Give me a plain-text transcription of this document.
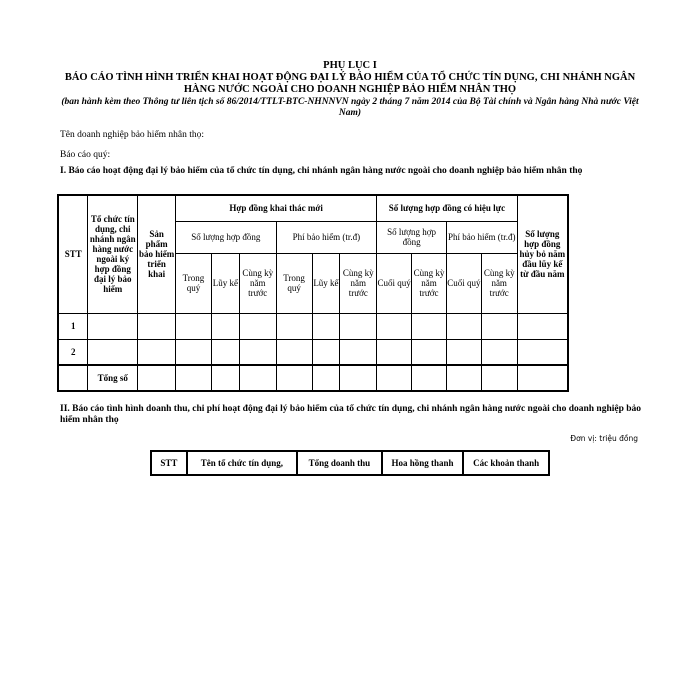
PHỤ LỤC I
BÁO CÁO TÌNH HÌNH TRIỂN KHAI HOẠT ĐỘNG ĐẠI LÝ BẢO HIỂM CỦA TỔ CHỨC TÍN DỤNG, CHI NHÁNH NGÂN HÀNG NƯỚC NGOÀI CHO DOANH NGHIỆP BẢO HIỂM NHÂN THỌ
(ban hành kèm theo Thông tư liên tịch số 86/2014/TTLT-BTC-NHNNVN ngày 2 tháng 7 năm 2014 của Bộ Tài chính và Ngân hàng Nhà nước Việt Nam)
Tên doanh nghiệp bảo hiểm nhân thọ:
Báo cáo quý:
I. Báo cáo hoạt động đại lý bảo hiểm của tổ chức tín dụng, chi nhánh ngân hàng nước ngoài cho doanh nghiệp bảo hiểm nhân thọ
STT	Tổ chức tín dụng, chi nhánh ngân hàng nước ngoài ký hợp đồng đại lý bảo hiểm	Sản phẩm bảo hiểm triển khai	Hợp đồng khai thác mới						Số lượng hợp đồng có hiệu lực				Số lượng hợp đồng hủy bỏ năm đầu lũy kế từ đầu năm
			Số lượng hợp đồng			Phí bảo hiểm (tr.đ)			Số lượng hợp đồng		Phí bảo hiểm (tr.đ)		
			Trong quý	Lũy kế	Cùng kỳ năm trước	Trong quý	Lũy kế	Cùng kỳ năm trước	Cuối quý	Cùng kỳ năm trước	Cuối quý	Cùng kỳ năm trước	
1													
2													
	Tổng số												
II. Báo cáo tình hình doanh thu, chi phí hoạt động đại lý bảo hiểm của tổ chức tín dụng, chi nhánh ngân hàng nước ngoài cho doanh nghiệp bảo hiểm nhân thọ
Đơn vị: triệu đồng
STT	Tên tổ chức tín dụng,	Tổng doanh thu	Hoa hồng thanh	Các khoản thanh
